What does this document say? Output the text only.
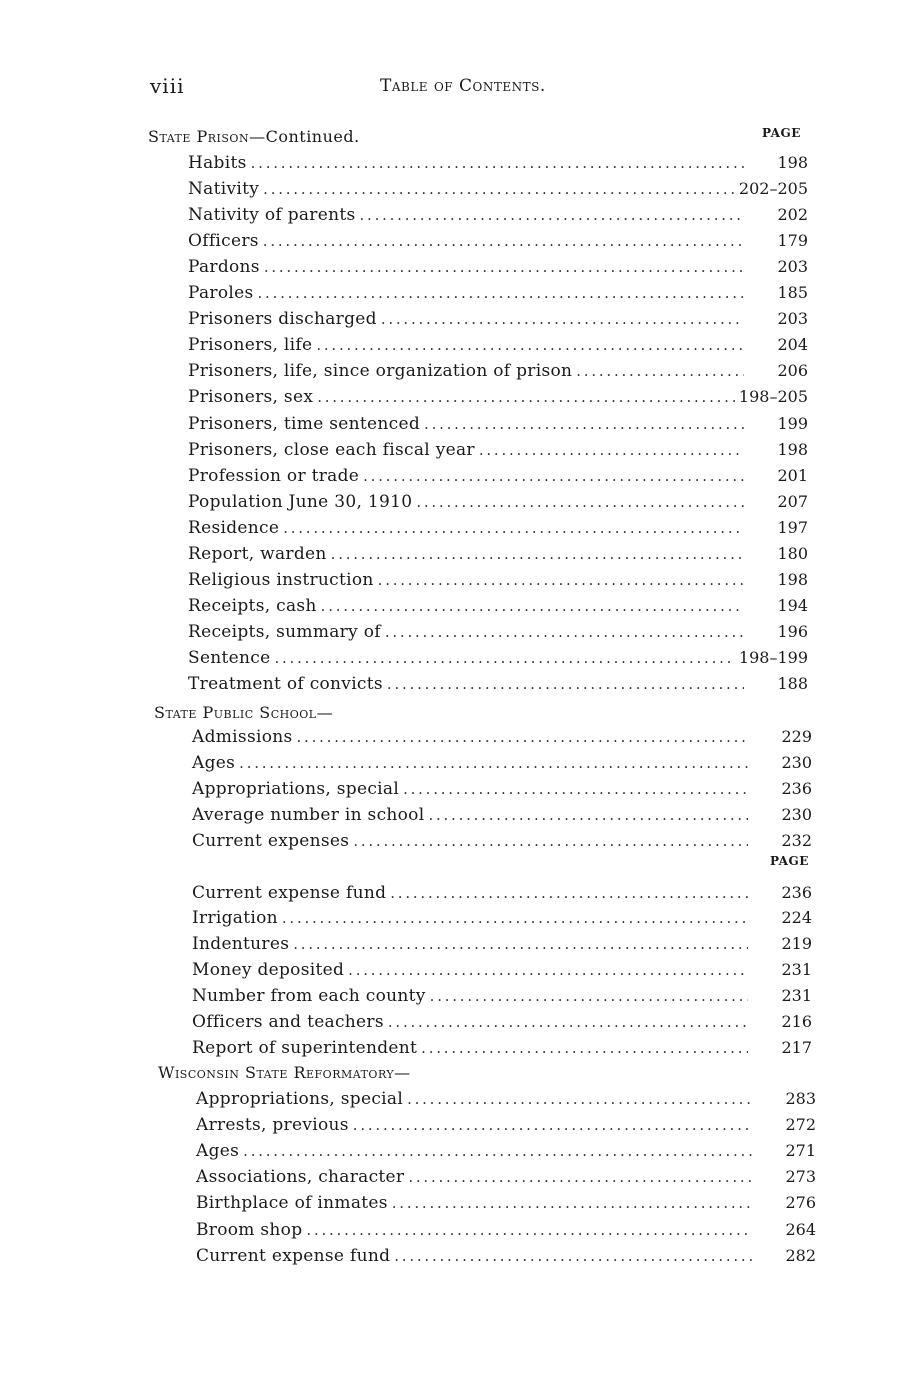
viii	Table of Contents.
PAGE
PAGE
State Prison—Continued.
Habits . . .	198
Nativity . . .	202–205
Nativity of parents . . .	202
Officers . . .	179
Pardons . . .	203
Paroles . . .	185
Prisoners discharged . . .	203
Prisoners, life . . .	204
Prisoners, life, since organization of prison . . .	206
Prisoners, sex . . .	198–205
Prisoners, time sentenced . . .	199
Prisoners, close each fiscal year . . .	198
Profession or trade . . .	201
Population June 30, 1910 . . .	207
Residence . . .	197
Report, warden . . .	180
Religious instruction . . .	198
Receipts, cash . . .	194
Receipts, summary of . . .	196
Sentence . . .	198–199
Treatment of convicts . . .	188
State Public School—
Admissions . . .	229
Ages . . .	230
Appropriations, special . . .	236
Average number in school . . .	230
Current expenses . . .	232
Current expense fund . . .	236
Irrigation . . .	224
Indentures . . .	219
Money deposited . . .	231
Number from each county . . .	231
Officers and teachers . . .	216
Report of superintendent . . .	217
Wisconsin State Reformatory—
Appropriations, special . . .	283
Arrests, previous . . .	272
Ages . . .	271
Associations, character . . .	273
Birthplace of inmates . . .	276
Broom shop . . .	264
Current expense fund . . .	282
